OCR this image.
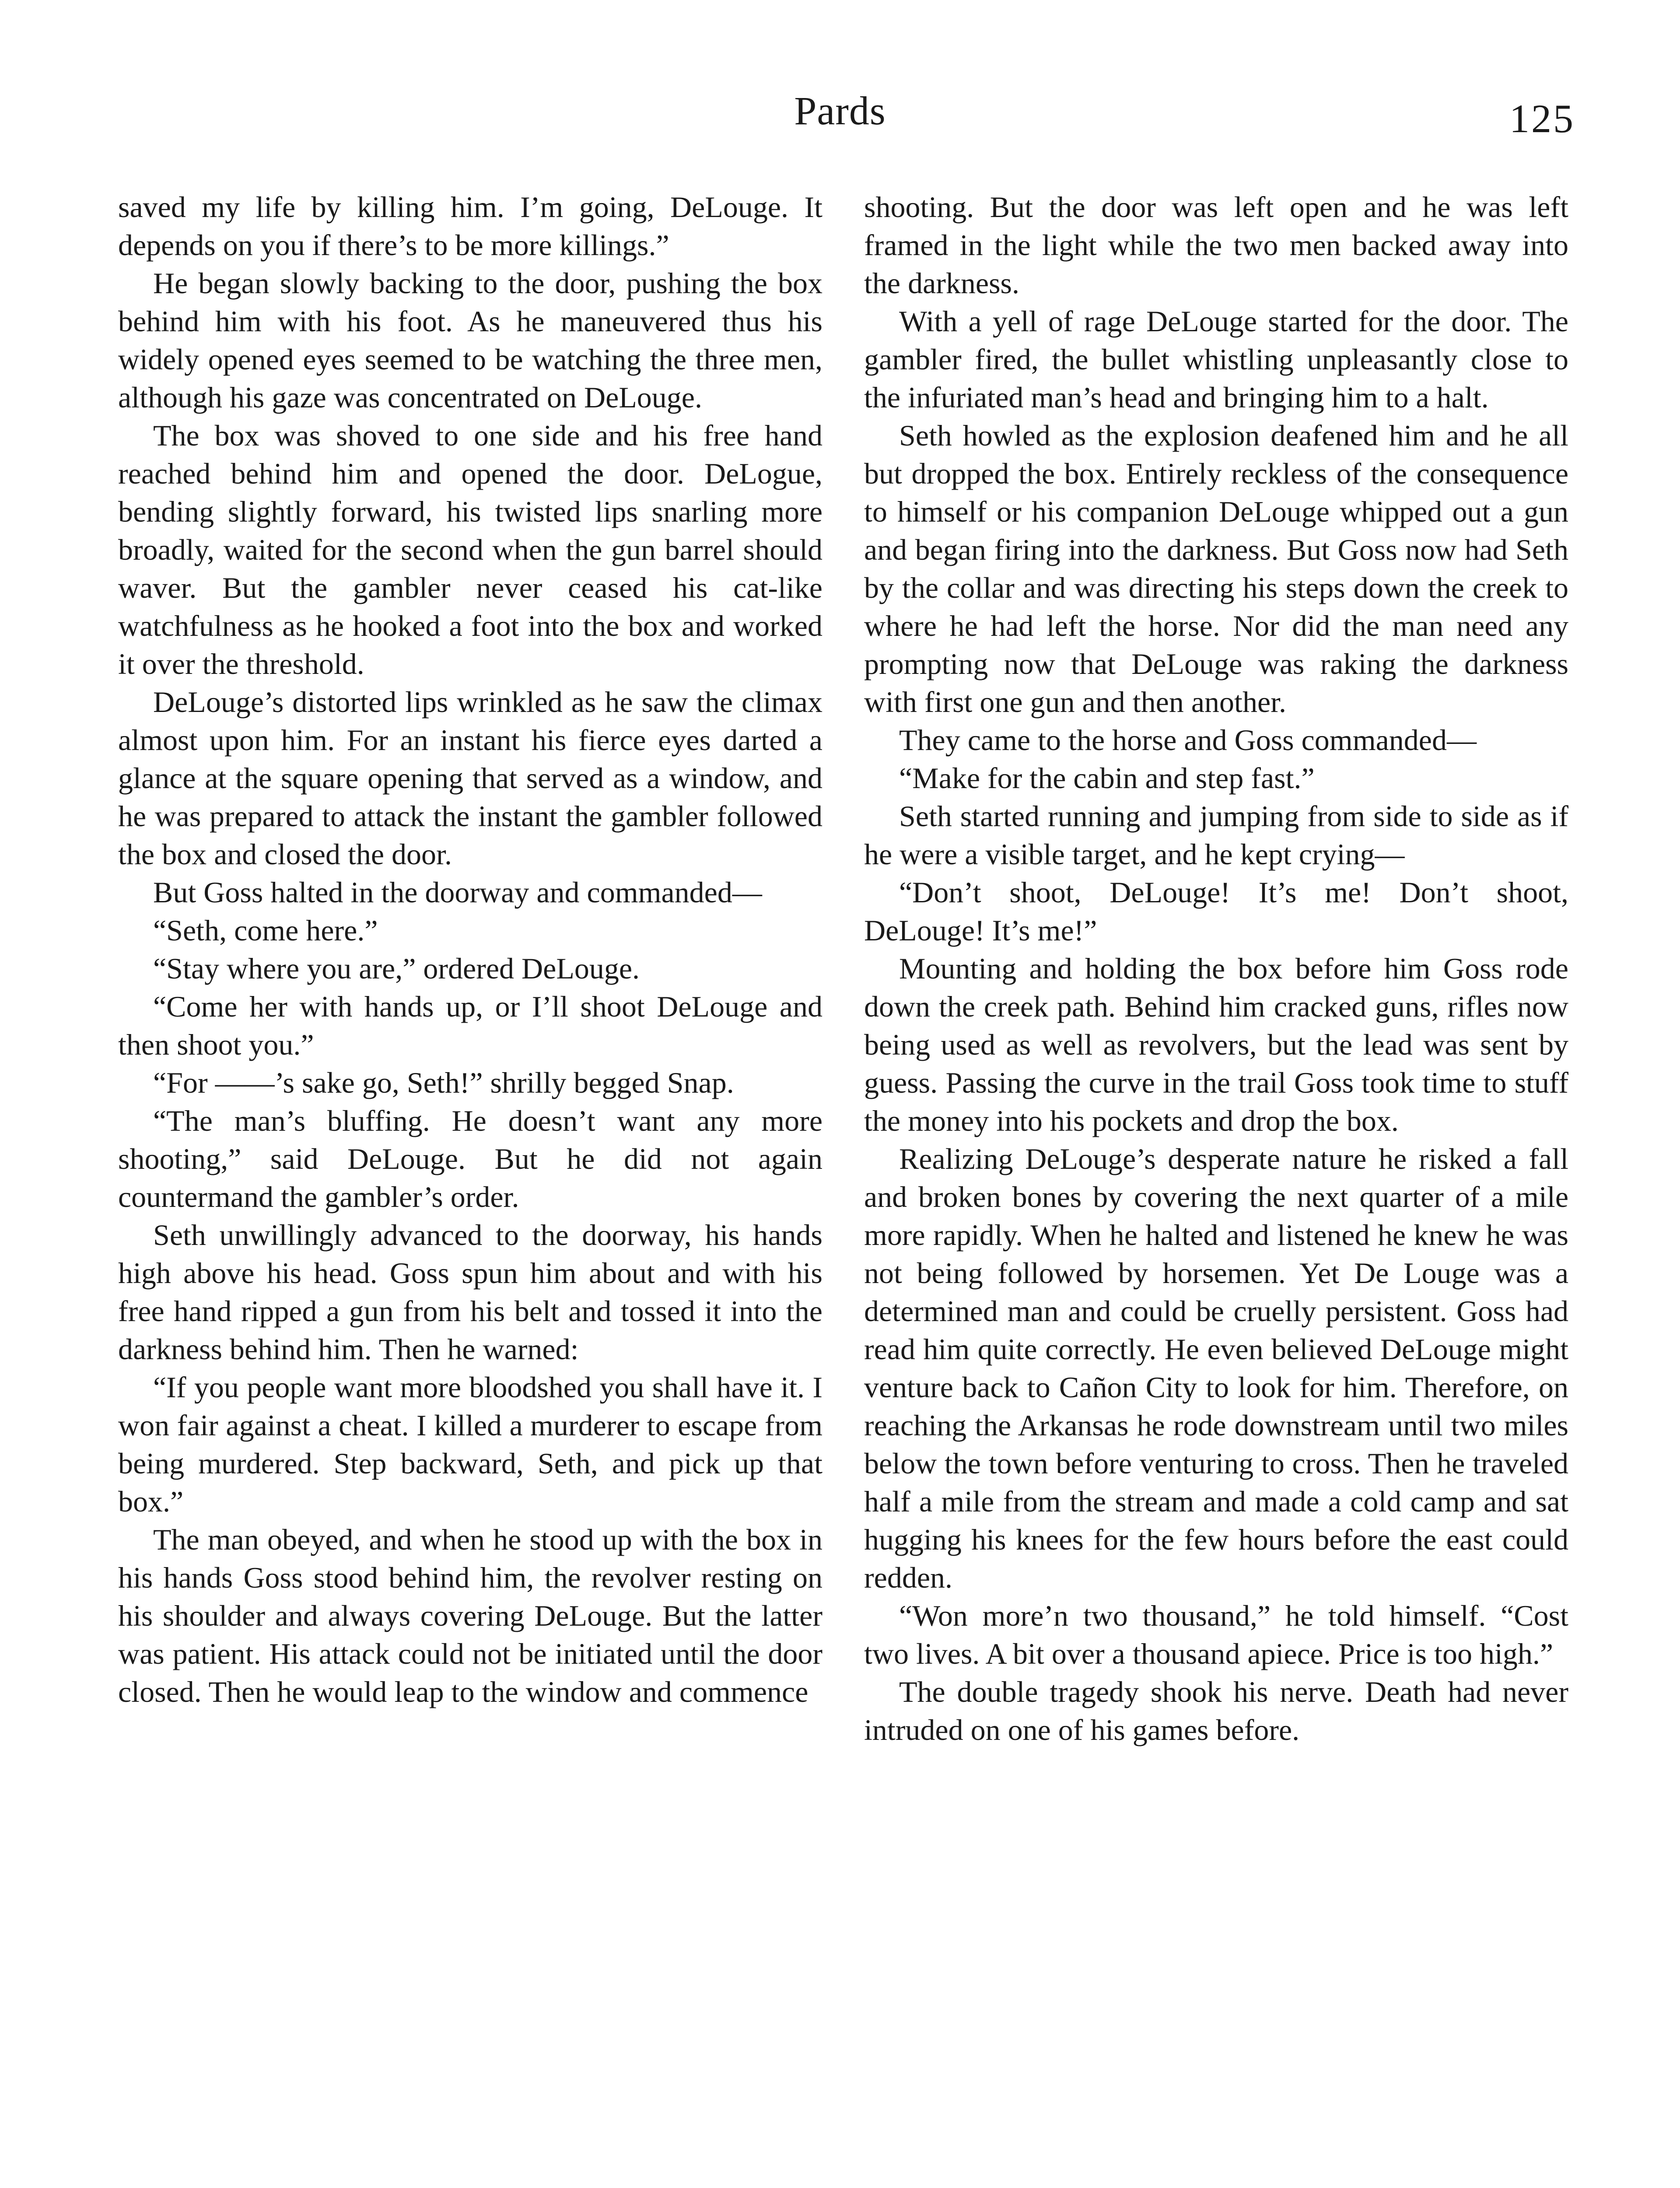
Pards	125

saved my life by killing him. I’m going, DeLouge. It depends on you if there’s to be more killings.”

He began slowly backing to the door, pushing the box behind him with his foot. As he maneuvered thus his widely opened eyes seemed to be watching the three men, although his gaze was concentrated on DeLouge.

The box was shoved to one side and his free hand reached behind him and opened the door. DeLogue, bending slightly forward, his twisted lips snarling more broadly, waited for the second when the gun barrel should waver. But the gambler never ceased his cat-like watchfulness as he hooked a foot into the box and worked it over the threshold.

DeLouge’s distorted lips wrinkled as he saw the climax almost upon him. For an instant his fierce eyes darted a glance at the square opening that served as a window, and he was prepared to attack the instant the gambler followed the box and closed the door.

But Goss halted in the doorway and commanded—

“Seth, come here.”

“Stay where you are,” ordered DeLouge.

“Come her with hands up, or I’ll shoot DeLouge and then shoot you.”

“For ——’s sake go, Seth!” shrilly begged Snap.

“The man’s bluffing. He doesn’t want any more shooting,” said DeLouge. But he did not again countermand the gambler’s order.

Seth unwillingly advanced to the doorway, his hands high above his head. Goss spun him about and with his free hand ripped a gun from his belt and tossed it into the darkness behind him. Then he warned:

“If you people want more bloodshed you shall have it. I won fair against a cheat. I killed a murderer to escape from being murdered. Step backward, Seth, and pick up that box.”

The man obeyed, and when he stood up with the box in his hands Goss stood behind him, the revolver resting on his shoulder and always covering DeLouge. But the latter was patient. His attack could not be initiated until the door closed. Then he would leap to the window and commence

shooting. But the door was left open and he was left framed in the light while the two men backed away into the darkness.

With a yell of rage DeLouge started for the door. The gambler fired, the bullet whistling unpleasantly close to the infuriated man’s head and bringing him to a halt.

Seth howled as the explosion deafened him and he all but dropped the box. Entirely reckless of the consequence to himself or his companion DeLouge whipped out a gun and began firing into the darkness. But Goss now had Seth by the collar and was directing his steps down the creek to where he had left the horse. Nor did the man need any prompting now that DeLouge was raking the darkness with first one gun and then another.

They came to the horse and Goss commanded—

“Make for the cabin and step fast.”

Seth started running and jumping from side to side as if he were a visible target, and he kept crying—

“Don’t shoot, DeLouge! It’s me! Don’t shoot, DeLouge! It’s me!”

Mounting and holding the box before him Goss rode down the creek path. Behind him cracked guns, rifles now being used as well as revolvers, but the lead was sent by guess. Passing the curve in the trail Goss took time to stuff the money into his pockets and drop the box.

Realizing DeLouge’s desperate nature he risked a fall and broken bones by covering the next quarter of a mile more rapidly. When he halted and listened he knew he was not being followed by horsemen. Yet De Louge was a determined man and could be cruelly persistent. Goss had read him quite correctly. He even believed DeLouge might venture back to Cañon City to look for him. Therefore, on reaching the Arkansas he rode downstream until two miles below the town before venturing to cross. Then he traveled half a mile from the stream and made a cold camp and sat hugging his knees for the few hours before the east could redden.

“Won more’n two thousand,” he told himself. “Cost two lives. A bit over a thousand apiece. Price is too high.”

The double tragedy shook his nerve. Death had never intruded on one of his games before.
